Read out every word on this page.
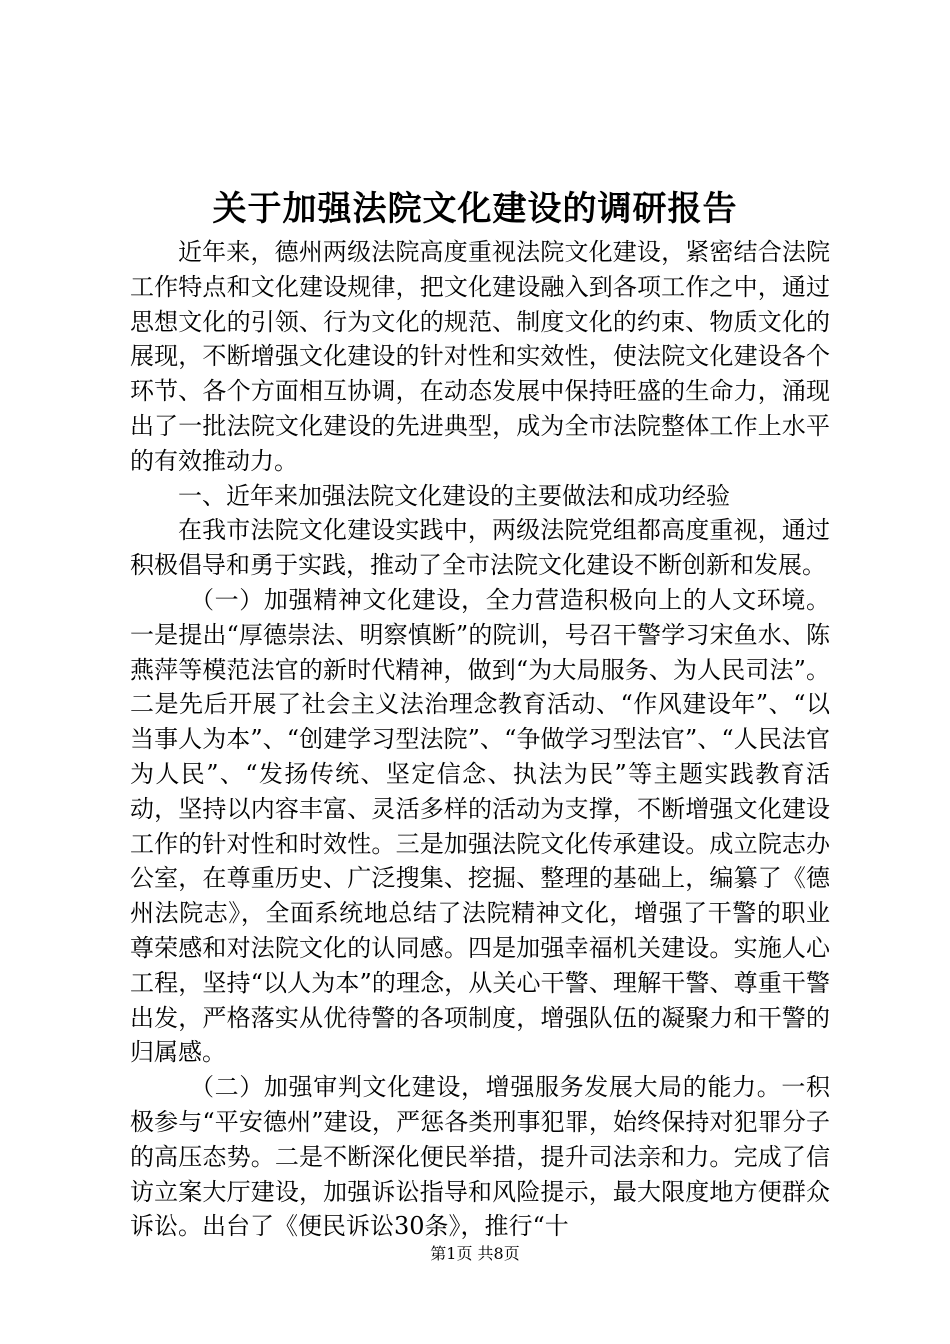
关于加强法院文化建设的调研报告

近年来，德州两级法院高度重视法院文化建设，紧密结合法院工作特点和文化建设规律，把文化建设融入到各项工作之中，通过思想文化的引领、行为文化的规范、制度文化的约束、物质文化的展现，不断增强文化建设的针对性和实效性，使法院文化建设各个环节、各个方面相互协调，在动态发展中保持旺盛的生命力，涌现出了一批法院文化建设的先进典型，成为全市法院整体工作上水平的有效推动力。

一、近年来加强法院文化建设的主要做法和成功经验

在我市法院文化建设实践中，两级法院党组都高度重视，通过积极倡导和勇于实践，推动了全市法院文化建设不断创新和发展。

（一）加强精神文化建设，全力营造积极向上的人文环境。一是提出“厚德崇法、明察慎断”的院训，号召干警学习宋鱼水、陈燕萍等模范法官的新时代精神，做到“为大局服务、为人民司法”。二是先后开展了社会主义法治理念教育活动、“作风建设年”、“以当事人为本”、“创建学习型法院”、“争做学习型法官”、“人民法官为人民”、“发扬传统、坚定信念、执法为民”等主题实践教育活动，坚持以内容丰富、灵活多样的活动为支撑，不断增强文化建设工作的针对性和时效性。三是加强法院文化传承建设。成立院志办公室，在尊重历史、广泛搜集、挖掘、整理的基础上，编纂了《德州法院志》，全面系统地总结了法院精神文化，增强了干警的职业尊荣感和对法院文化的认同感。四是加强幸福机关建设。实施人心工程，坚持“以人为本”的理念，从关心干警、理解干警、尊重干警出发，严格落实从优待警的各项制度，增强队伍的凝聚力和干警的归属感。

（二）加强审判文化建设，增强服务发展大局的能力。一积极参与“平安德州”建设，严惩各类刑事犯罪，始终保持对犯罪分子的高压态势。二是不断深化便民举措，提升司法亲和力。完成了信访立案大厅建设，加强诉讼指导和风险提示，最大限度地方便群众诉讼。出台了《便民诉讼30条》，推行“十

第1页 共8页
